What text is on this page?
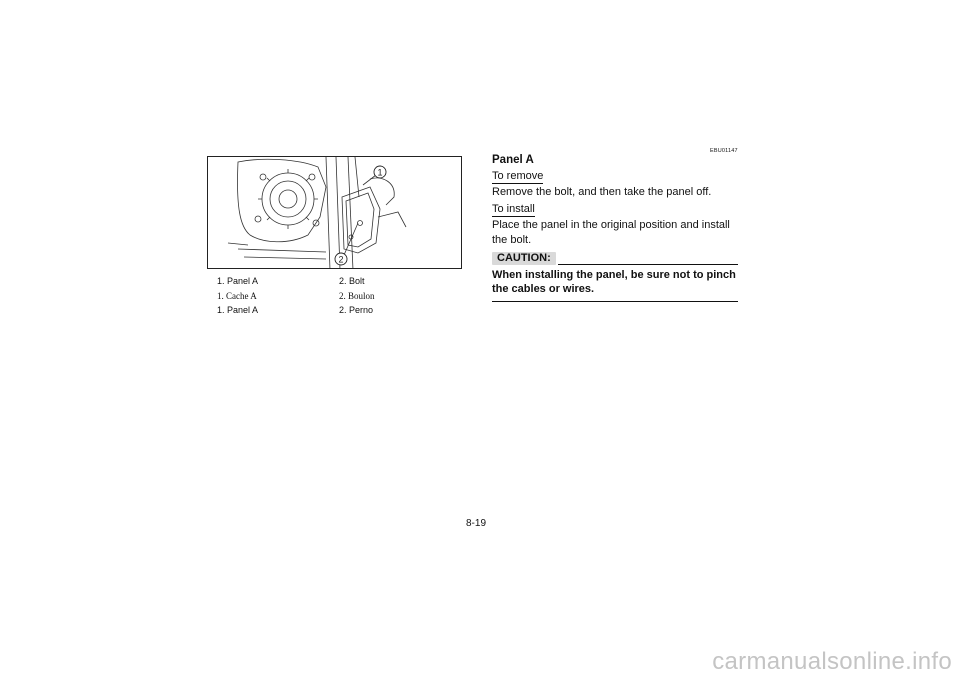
1
2
1. Panel A	2. Bolt
1. Cache A	2. Boulon
1. Panel A	2. Perno
EBU01147
Panel A
To remove
Remove the bolt, and then take the panel off.
To install
Place the panel in the original position and install the bolt.
CAUTION:
When installing the panel, be sure not to pinch the cables or wires.
8-19
carmanualsonline.info
